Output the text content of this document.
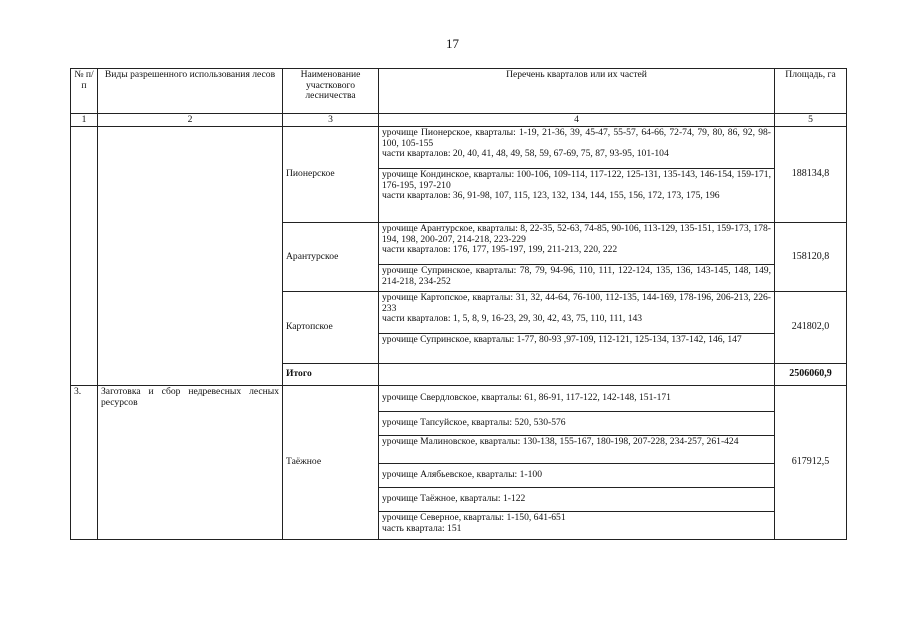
17
№ п/п	Виды разрешенного использования лесов	Наименование участкового лесничества	Перечень кварталов или их частей	Площадь, га
1	2	3	4	5
		Пионерское	урочище Пионерское, кварталы: 1-19, 21-36, 39, 45-47, 55-57, 64-66, 72-74, 79, 80, 86, 92, 98-100, 105-155
части кварталов: 20, 40, 41, 48, 49, 58, 59, 67-69, 75, 87, 93-95, 101-104	188134,8

			урочище Кондинское, кварталы: 100-106, 109-114, 117-122, 125-131, 135-143, 146-154, 159-171, 176-195, 197-210
части кварталов: 36, 91-98, 107, 115, 123, 132, 134, 144, 155, 156, 172, 173, 175, 196	

		Арантурское	урочище Арантурское, кварталы: 8, 22-35, 52-63, 74-85, 90-106, 113-129, 135-151, 159-173, 178-194, 198, 200-207, 214-218, 223-229
части кварталов: 176, 177, 195-197, 199, 211-213, 220, 222	158120,8

			урочище Супринское, кварталы: 78, 79, 94-96, 110, 111, 122-124, 135, 136, 143-145, 148, 149, 214-218, 234-252	

		Картопское	урочище Картопское, кварталы: 31, 32, 44-64, 76-100, 112-135, 144-169, 178-196, 206-213, 226-233
части кварталов: 1, 5, 8, 9, 16-23, 29, 30, 42, 43, 75, 110, 111, 143	241802,0

			урочище Супринское, кварталы: 1-77, 80-93 ,97-109, 112-121, 125-134, 137-142, 146, 147	

		Итого		2506060,9
3.	Заготовка и сбор недревесных лесных ресурсов	Таёжное	урочище Свердловское, кварталы: 61, 86-91, 117-122, 142-148, 151-171	617912,5

			урочище Тапсуйское, кварталы: 520, 530-576	

			урочище Малиновское, кварталы: 130-138, 155-167, 180-198, 207-228, 234-257, 261-424	

			урочище Алябьевское, кварталы: 1-100	

			урочище Таёжное, кварталы: 1-122	

			урочище Северное, кварталы: 1-150, 641-651
часть квартала: 151	
